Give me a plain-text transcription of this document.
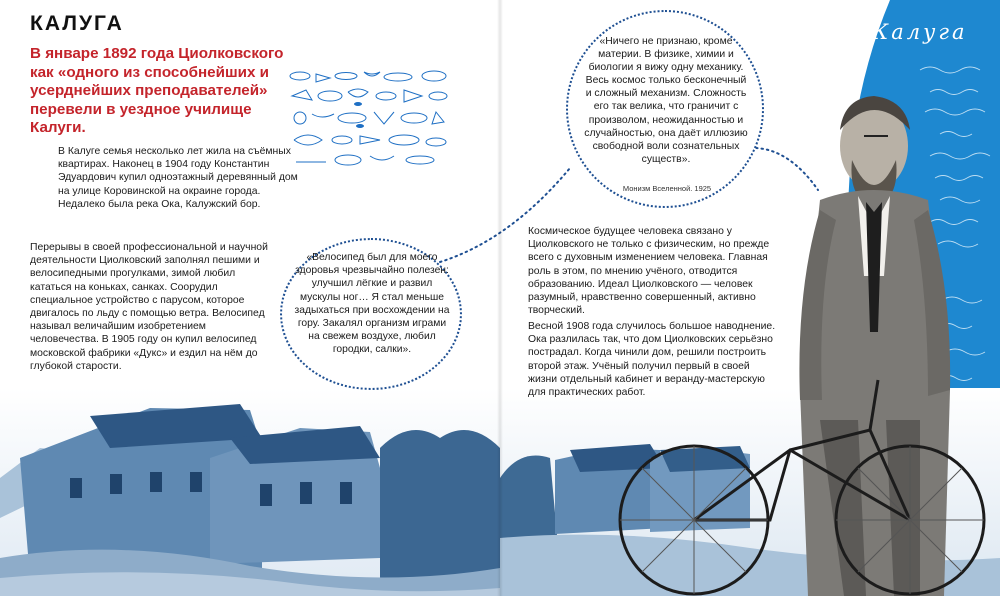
Калуга
КАЛУГА
В январе 1892 года Циолковского как «одного из способнейших и усерднейших преподавателей» перевели в уездное училище Калуги.

В Калуге семья несколько лет жила на съёмных квартирах. Наконец в 1904 году Константин Эдуардович купил одноэтажный деревянный дом на улице Коровинской на окраине города. Недалеко была река Ока, Калужский бор.

Перерывы в своей профессиональной и научной деятельности Циолковский заполнял пешими и велосипедными прогулками, зимой любил кататься на коньках, санках. Соорудил специальное устройство с парусом, которое двигалось по льду с помощью ветра. Велосипед называл величайшим изобретением человечества. В 1905 году он купил велосипед московской фабрики «Дукс» и ездил на нём до глубокой старости.

Космическое будущее человека связано у Циолковского не только с физическим, но прежде всего с духовным изменением человека. Главная роль в этом, по мнению учёного, отводится образованию. Идеал Циолковского — человек разумный, нравственно совершенный, активно творческий.

Весной 1908 года случилось большое наводнение. Ока разлилась так, что дом Циолковских серьёзно пострадал. Когда чинили дом, решили построить второй этаж. Учёный получил первый в своей жизни отдельный кабинет и веранду-мастерскую для практических работ.

«Велосипед был для моего здоровья чрезвычайно полезен: улучшил лёгкие и развил мускулы ног… Я стал меньше задыхаться при восхождении на гору. Закалял организм играми на свежем воздухе, любил городки, салки».
«Ничего не признаю, кроме материи. В физике, химии и биологии я вижу одну механику. Весь космос только бесконечный и сложный механизм. Сложность его так велика, что граничит с произволом, неожиданностью и случайностью, она даёт иллюзию свободной воли сознательных существ».
Монизм Вселенной. 1925
